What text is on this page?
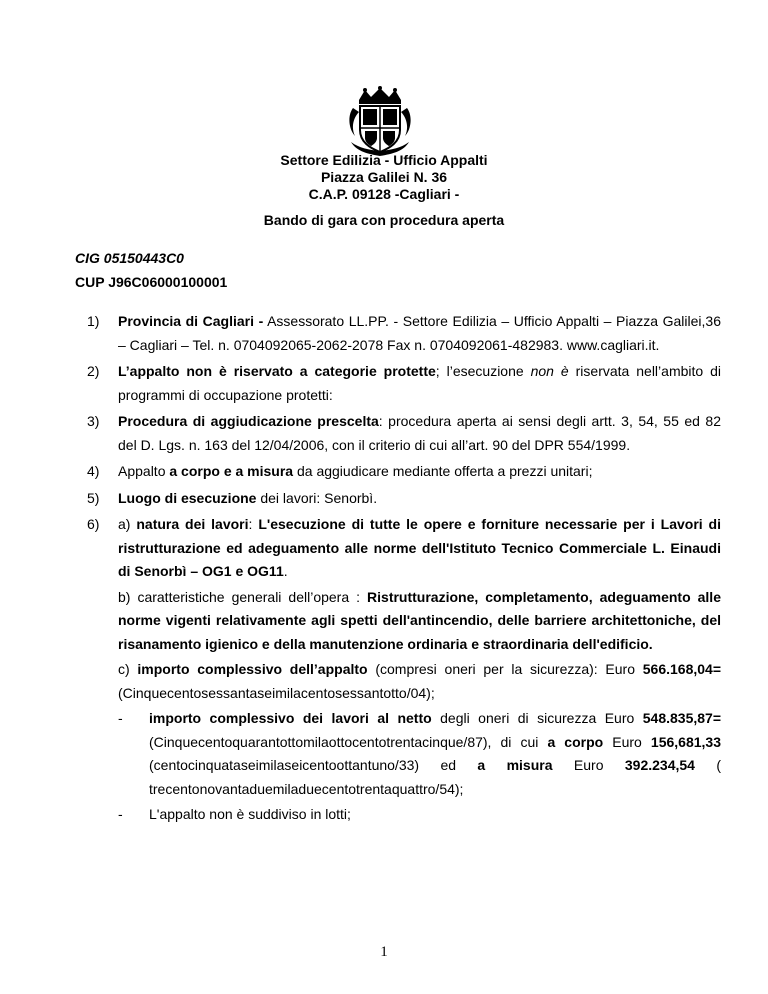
Settore Edilizia - Ufficio Appalti
Piazza Galilei N. 36
C.A.P. 09128 -Cagliari -
Bando di gara con procedura aperta
CIG 05150443C0
CUP J96C06000100001
1) Provincia di Cagliari - Assessorato LL.PP. - Settore Edilizia – Ufficio Appalti – Piazza Galilei,36 – Cagliari – Tel. n. 0704092065-2062-2078 Fax n. 0704092061-482983. www.cagliari.it.
2) L’appalto non è riservato a categorie protette; l’esecuzione non è riservata nell’ambito di programmi di occupazione protetti:
3) Procedura di aggiudicazione prescelta: procedura aperta ai sensi degli artt. 3, 54, 55 ed 82 del D. Lgs. n. 163 del 12/04/2006, con il criterio di cui all’art. 90 del DPR 554/1999.
4) Appalto a corpo e a misura da aggiudicare mediante offerta a prezzi unitari;
5) Luogo di esecuzione dei lavori: Senorbì.
6) a) natura dei lavori: L'esecuzione di tutte le opere e forniture necessarie per i Lavori di ristrutturazione ed adeguamento alle norme dell'Istituto Tecnico Commerciale L. Einaudi di Senorbì – OG1 e OG11.
b) caratteristiche generali dell’opera : Ristrutturazione, completamento, adeguamento alle norme vigenti relativamente agli spetti dell'antincendio, delle barriere architettoniche, del risanamento igienico e della manutenzione ordinaria e straordinaria dell'edificio.
c) importo complessivo dell’appalto (compresi oneri per la sicurezza): Euro 566.168,04= (Cinquecentosessantaseimilacentosessantotto/04);
- importo complessivo dei lavori al netto degli oneri di sicurezza Euro 548.835,87= (Cinquecentoquarantottomilaottocentotrentacinque/87), di cui a corpo Euro 156,681,33 (centocinquataseimilaseicentoottantuno/33) ed a misura Euro 392.234,54 ( trecentonovantaduemiladuecentotrentaquattro/54);
- L'appalto non è suddiviso in lotti;
1
